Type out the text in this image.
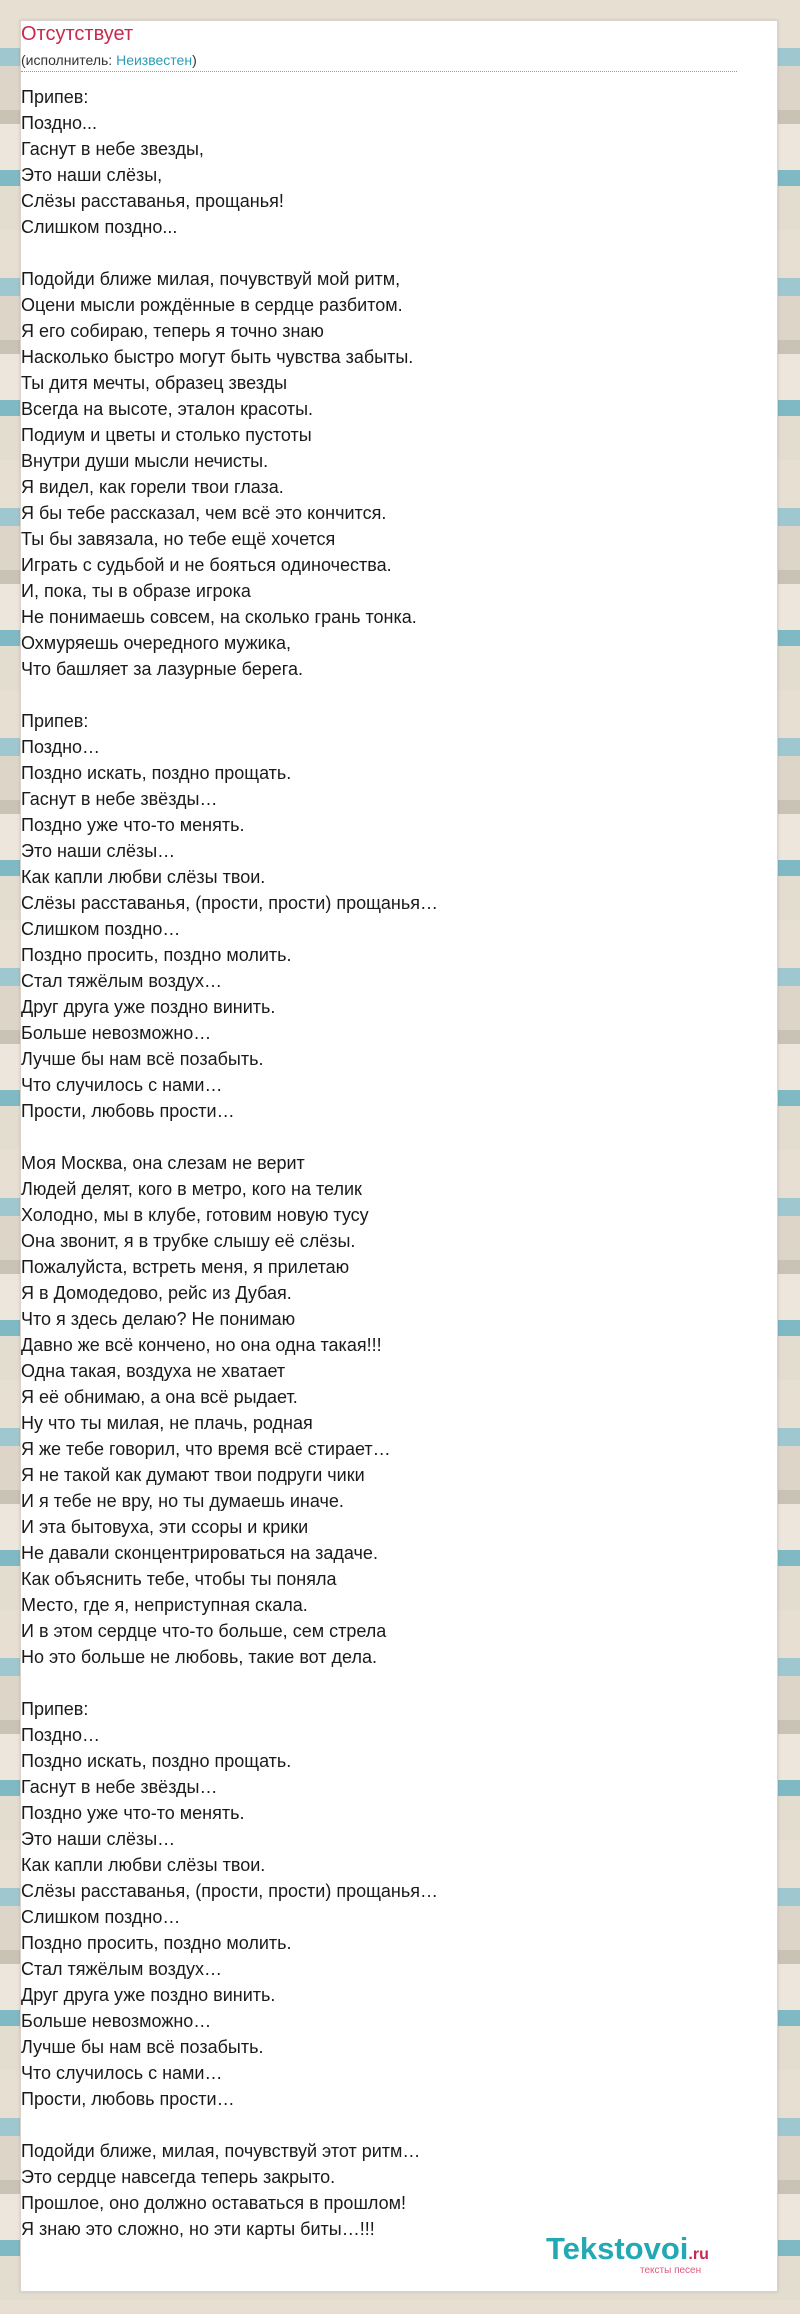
Отсутствует
(исполнитель: Неизвестен)
Припев:
Поздно...
Гаснут в небе звезды,
Это наши слёзы,
Слёзы расставанья, прощанья!
Слишком поздно...
Подойди ближе милая, почувствуй мой ритм,
Оцени мысли рождённые в сердце разбитом.
Я его собираю, теперь я точно знаю
Насколько быстро могут быть чувства забыты.
Ты дитя мечты, образец звезды
Всегда на высоте, эталон красоты.
Подиум и цветы и столько пустоты
Внутри души мысли нечисты.
Я видел, как горели твои глаза.
Я бы тебе рассказал, чем всё это кончится.
Ты бы завязала, но тебе ещё хочется
Играть с судьбой и не бояться одиночества.
И, пока, ты в образе игрока
Не понимаешь совсем, на сколько грань тонка.
Охмуряешь очередного мужика,
Что башляет за лазурные берега.
Припев:
Поздно…
Поздно искать, поздно прощать.
Гаснут в небе звёзды…
Поздно уже что-то менять.
Это наши слёзы…
Как капли любви слёзы твои.
Слёзы расставанья, (прости, прости) прощанья…
Слишком поздно…
Поздно просить, поздно молить.
Стал тяжёлым воздух…
Друг друга уже поздно винить.
Больше невозможно…
Лучше бы нам всё позабыть.
Что случилось с нами…
Прости, любовь прости…
Моя Москва, она слезам не верит
Людей делят, кого в метро, кого на телик
Холодно, мы в клубе, готовим новую тусу
Она звонит, я в трубке слышу её слёзы.
Пожалуйста, встреть меня, я прилетаю
Я в Домодедово, рейс из Дубая.
Что я здесь делаю? Не понимаю
Давно же всё кончено, но она одна такая!!!
Одна такая, воздуха не хватает
Я её обнимаю, а она всё рыдает.
Ну что ты милая, не плачь, родная
Я же тебе говорил, что время всё стирает…
Я не такой как думают твои подруги чики
И я тебе не вру, но ты думаешь иначе.
И эта бытовуха, эти ссоры и крики
Не давали сконцентрироваться на задаче.
Как объяснить тебе, чтобы ты поняла
Место, где я, неприступная скала.
И в этом сердце что-то больше, сем стрела
Но это больше не любовь, такие вот дела.
Припев:
Поздно…
Поздно искать, поздно прощать.
Гаснут в небе звёзды…
Поздно уже что-то менять.
Это наши слёзы…
Как капли любви слёзы твои.
Слёзы расставанья, (прости, прости) прощанья…
Слишком поздно…
Поздно просить, поздно молить.
Стал тяжёлым воздух…
Друг друга уже поздно винить.
Больше невозможно…
Лучше бы нам всё позабыть.
Что случилось с нами…
Прости, любовь прости…
Подойди ближе, милая, почувствуй этот ритм…
Это сердце навсегда теперь закрыто.
Прошлое, оно должно оставаться в прошлом!
Я знаю это сложно, но эти карты биты…!!!
Tekstovoi.ru
тексты песен
